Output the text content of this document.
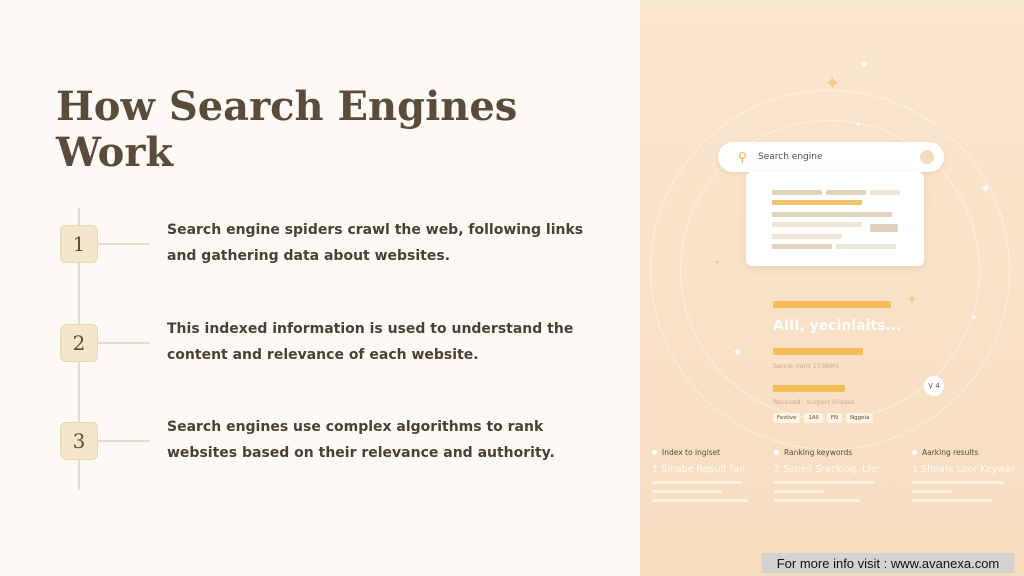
How Search Engines Work
1

Search engine spiders crawl the web, following links and gathering data about websites.

2

This indexed information is used to understand the content and relevance of each website.

3

Search engines use complex algorithms to rank websites based on their relevance and authority.

✦
✦
✦
✦
✦
✦
✦
✦
⚲	Search engine
AIII, yecinlaits...
Sarcie mort 1536MS
Recesed · surport bliases
V 4
Festive	1All	FN	Nggela
Index to ingiset
1 Sinabe Repult fan
Ranking keywords
2 Sonell Srackiog, Lfer
Aarking results
1 Shnale Loor Keywar
For more info visit : www.avanexa.com
